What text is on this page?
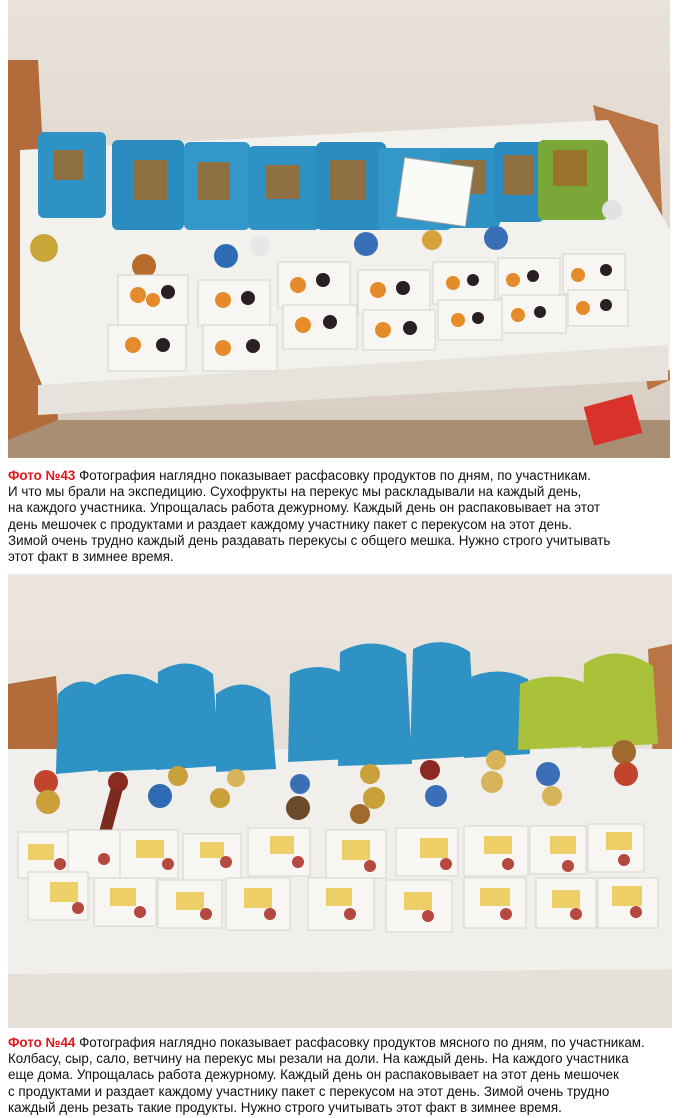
Фото №43 Фотография наглядно показывает расфасовку продуктов по дням, по участникам.
И что мы брали на экспедицию. Сухофрукты на перекус мы раскладывали на каждый день,
на каждого участника. Упрощалась работа дежурному. Каждый день он распаковывает на этот
день мешочек с продуктами и раздает каждому участнику пакет с перекусом на этот день.
Зимой очень трудно каждый день раздавать перекусы с общего мешка. Нужно строго учитывать
этот факт в зимнее время.
Фото №44 Фотография наглядно показывает расфасовку продуктов мясного по дням, по участникам.
Колбасу, сыр, сало, ветчину на перекус мы резали на доли. На каждый день. На каждого участника
еще дома. Упрощалась работа дежурному. Каждый день он распаковывает на этот день мешочек
с продуктами и раздает каждому участнику пакет с перекусом на этот день. Зимой очень трудно
каждый день резать такие продукты. Нужно строго учитывать этот факт в зимнее время.
